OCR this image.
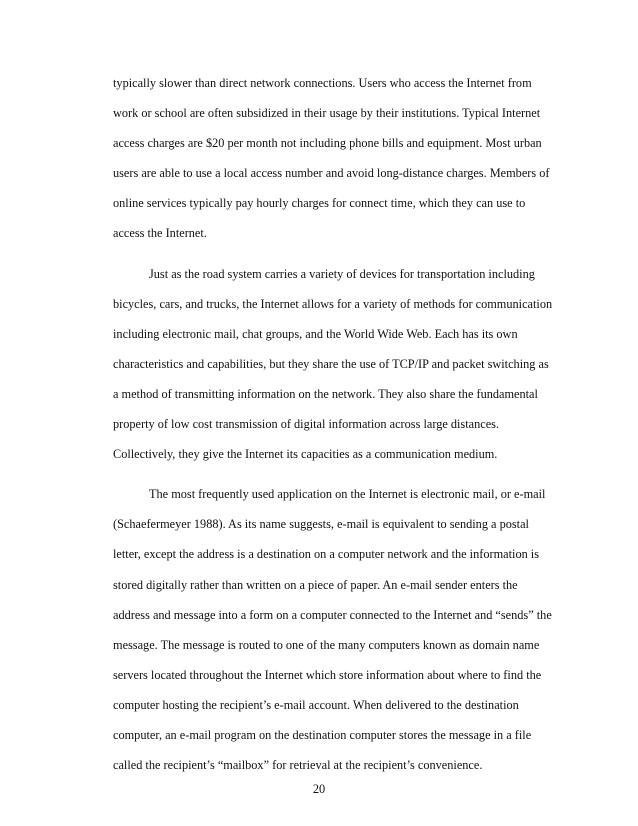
typically slower than direct network connections. Users who access the Internet from
work or school are often subsidized in their usage by their institutions. Typical Internet
access charges are $20 per month not including phone bills and equipment. Most urban
users are able to use a local access number and avoid long-distance charges. Members of
online services typically pay hourly charges for connect time, which they can use to
access the Internet.
Just as the road system carries a variety of devices for transportation including
bicycles, cars, and trucks, the Internet allows for a variety of methods for communication
including electronic mail, chat groups, and the World Wide Web. Each has its own
characteristics and capabilities, but they share the use of TCP/IP and packet switching as
a method of transmitting information on the network. They also share the fundamental
property of low cost transmission of digital information across large distances.
Collectively, they give the Internet its capacities as a communication medium.
The most frequently used application on the Internet is electronic mail, or e-mail
(Schaefermeyer 1988). As its name suggests, e-mail is equivalent to sending a postal
letter, except the address is a destination on a computer network and the information is
stored digitally rather than written on a piece of paper. An e-mail sender enters the
address and message into a form on a computer connected to the Internet and “sends” the
message. The message is routed to one of the many computers known as domain name
servers located throughout the Internet which store information about where to find the
computer hosting the recipient’s e-mail account. When delivered to the destination
computer, an e-mail program on the destination computer stores the message in a file
called the recipient’s “mailbox” for retrieval at the recipient’s convenience.
20
